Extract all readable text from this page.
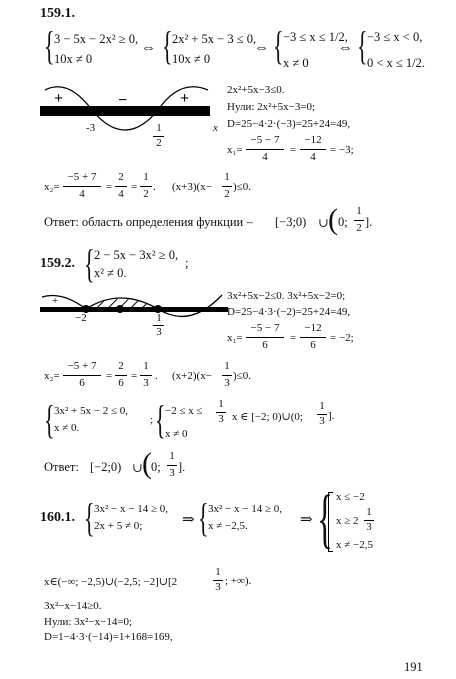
159.1.
{ 3 − 5x − 2x² ≥ 0,
10x ≠ 0
⇔ { 2x² + 5x − 3 ≤ 0,
10x ≠ 0
⇔ { −3 ≤ x ≤ 1/2,
x ≠ 0
⇔ { −3 ≤ x < 0,
0 < x ≤ 1/2.
+	−	+
x
-3	1
2
2x²+5x−3≤0.
Нули: 2x²+5x−3=0;
D=25−4·2·(−3)=25+24=49,
x₁=
−5 − 7
4
=
−12
4
= −3;
x₂=
−5 + 7
4
=
2
4
=
1
2
. (x+3)(x−
1
2
)≤0.
Ответ: область определения функции – [−3;0) ∪ ( 0;
1
2 ].
159.2. { 2 − 5x − 3x² ≥ 0,
x² ≠ 0.
;
+
−2	1
3
3x²+5x−2≤0. 3x²+5x−2=0;
D=25−4·3·(−2)=25+24=49,
x₁=
−5 − 7
6
=
−12
6
= −2;
x₂=
−5 + 7
6
=
2
6
=
1
3
. (x+2)(x−
1
3
)≤0.
{ 3x² + 5x − 2 ≤ 0,
x ≠ 0.
; { −2 ≤ x ≤
1
3
x ≠ 0
x ∈ [−2; 0)∪(0;
1
3 ].
Ответ: [−2;0) ∪ ( 0;
1
3 ].
160.1. { 3x² − x − 14 ≥ 0,
2x + 5 ≠ 0;	⇒ { 3x² − x − 14 ≥ 0,
x ≠ −2,5.	⇒ { x ≤ −2
x ≥ 2
1
3
x ≠ −2,5
x∈(−∞; −2,5)∪(−2,5; −2]∪[2
1
3 ; +∞).
3x²−x−14≥0.
Нули: 3x²−x−14=0;
D=1−4·3·(−14)=1+168=169,
191
